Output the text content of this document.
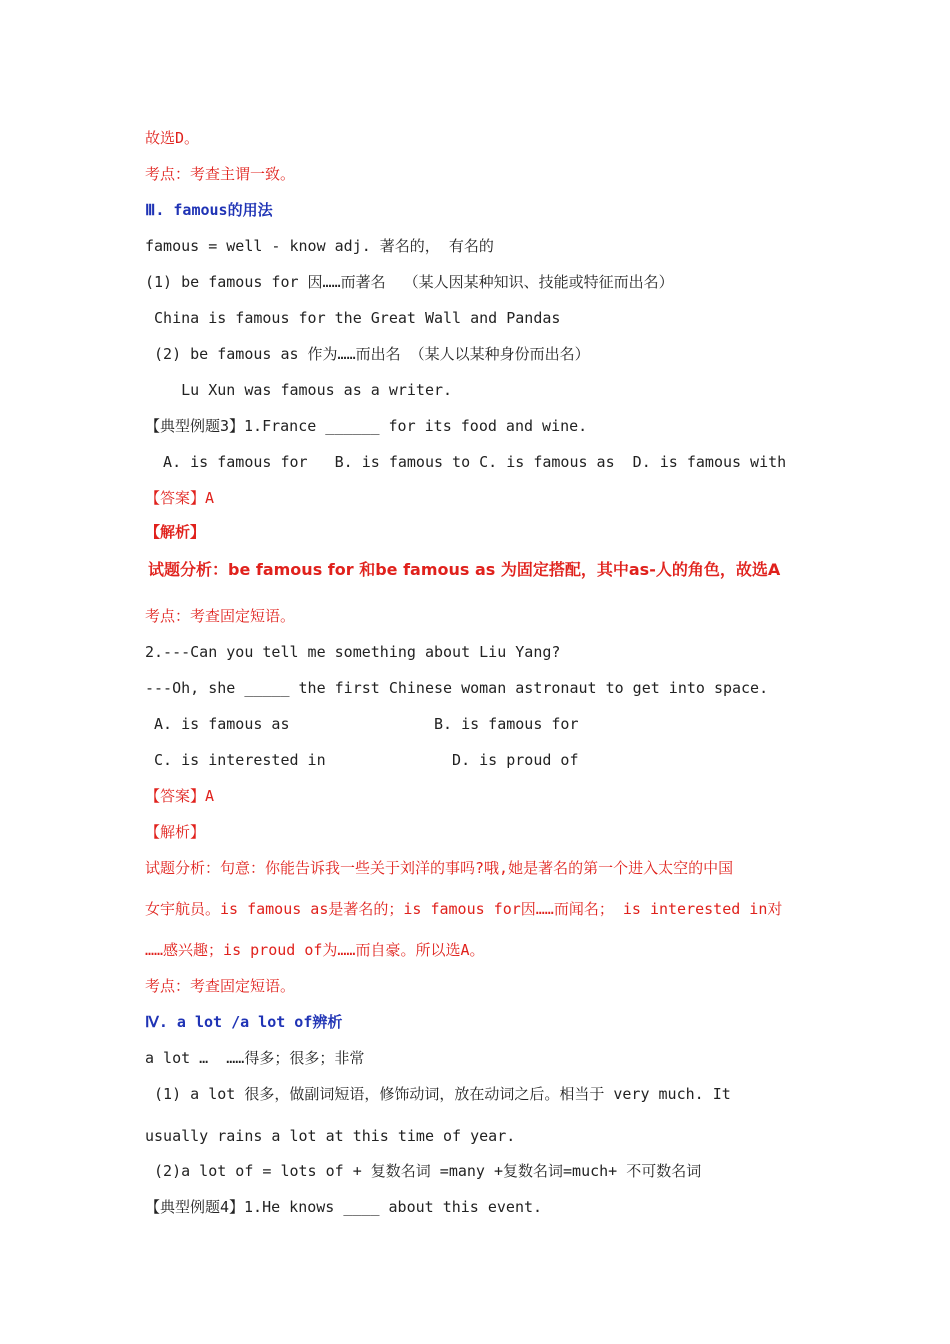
故选D。
考点：考查主谓一致。
Ⅲ. famous的用法
famous = well - know adj. 著名的， 有名的
(1) be famous for 因……而著名  （某人因某种知识、技能或特征而出名）
China is famous for the Great Wall and Pandas
(2) be famous as 作为……而出名 （某人以某种身份而出名）
Lu Xun was famous as a writer.
【典型例题3】1.France ______ for its food and wine.
A. is famous for   B. is famous to C. is famous as  D. is famous with
【答案】A
【解析】
试题分析：be famous for 和be famous as 为固定搭配，其中as-人的角色，故选A
考点：考查固定短语。
2.---Can you tell me something about Liu Yang?
---Oh, she _____ the first Chinese woman astronaut to get into space.
A. is famous as                B. is famous for
C. is interested in              D. is proud of
【答案】A
【解析】
试题分析：句意：你能告诉我一些关于刘洋的事吗?哦,她是著名的第一个进入太空的中国
女宇航员。is famous as是著名的；is famous for因……而闻名； is interested in对
……感兴趣；is proud of为……而自豪。所以选A。
考点：考查固定短语。
Ⅳ. a lot /a lot of辨析
a lot …  ……得多；很多；非常
(1) a lot 很多，做副词短语，修饰动词，放在动词之后。相当于 very much. It
usually rains a lot at this time of year.
(2)a lot of = lots of + 复数名词 =many +复数名词=much+ 不可数名词
【典型例题4】1.He knows ____ about this event.
